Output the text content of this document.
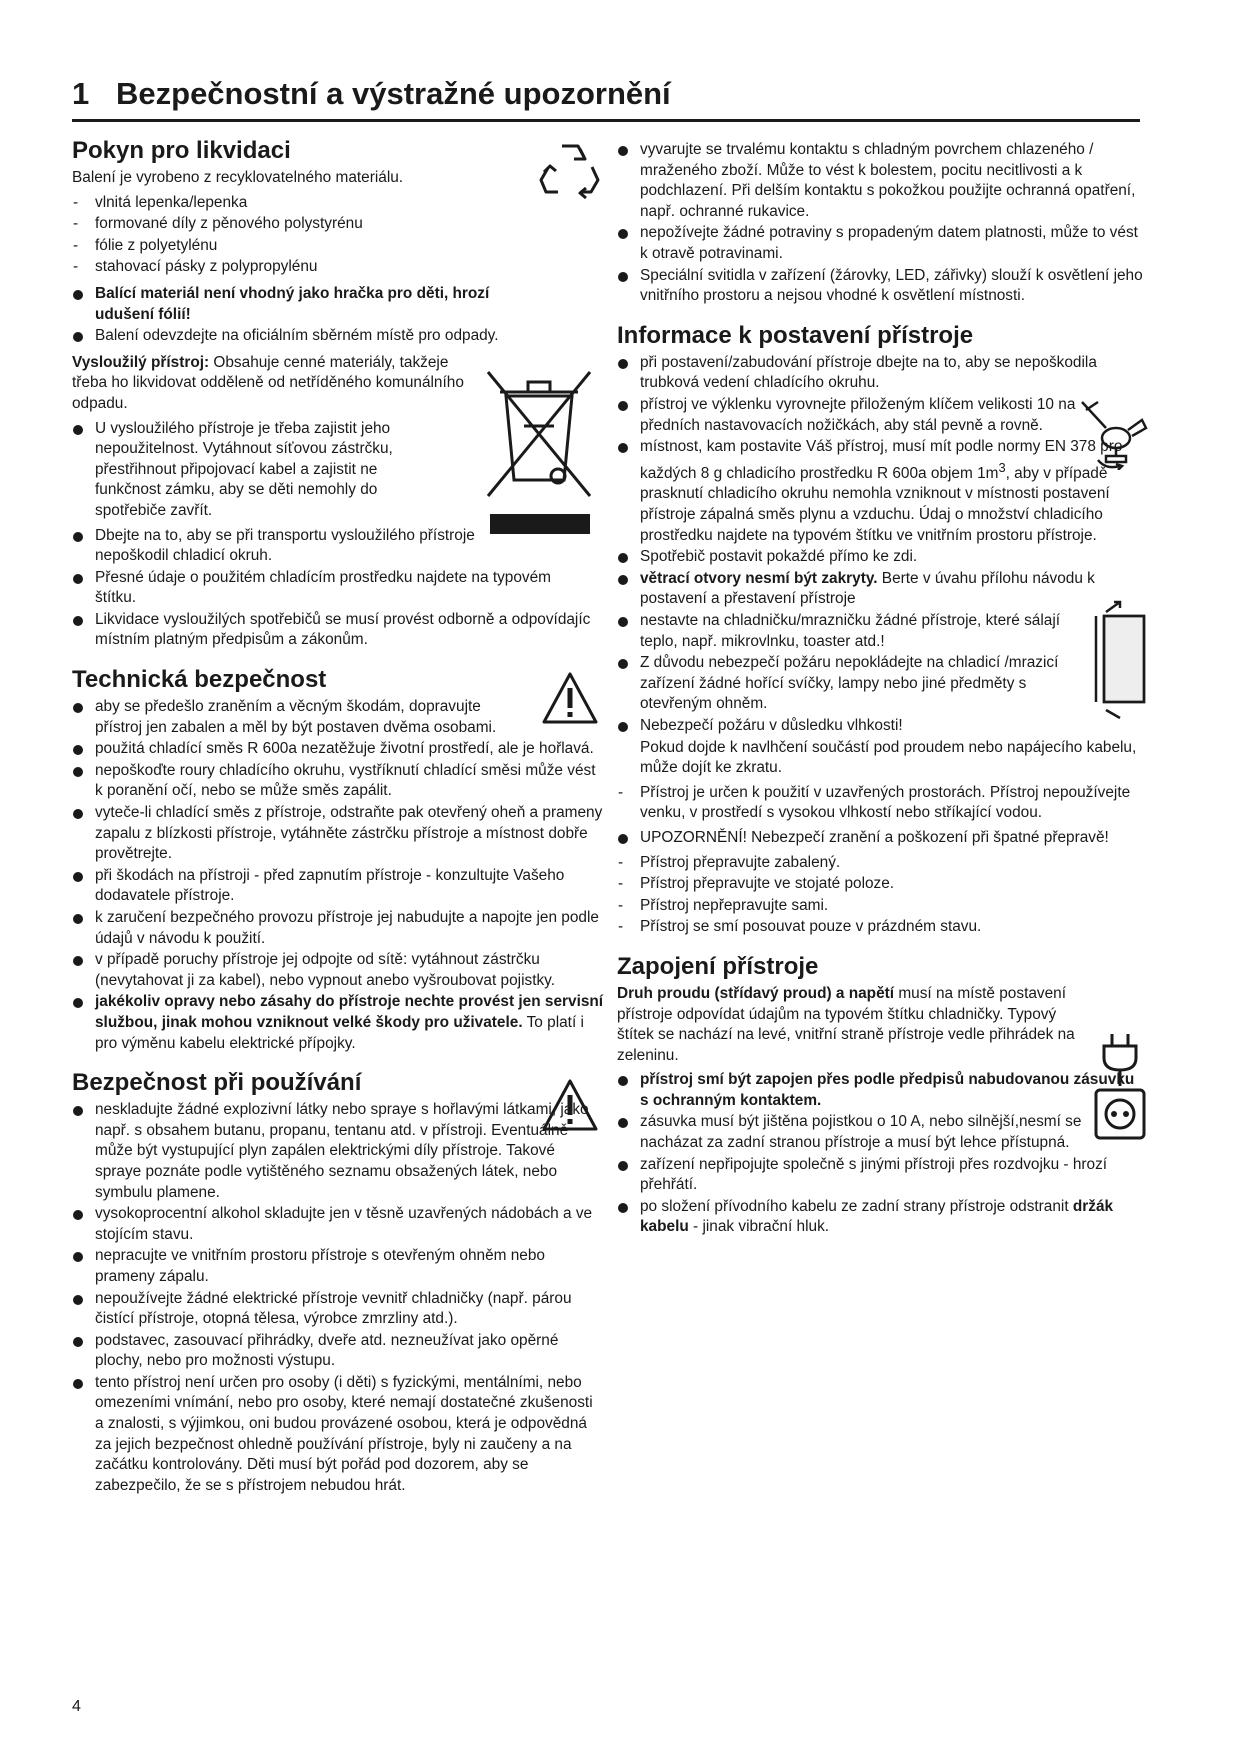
1 Bezpečnostní a výstražné upozornění
Pokyn pro likvidaci

Balení je vyrobeno z recyklovatelného materiálu.

- vlnitá lepenka/lepenka
- formované díly z pěnového polystyrénu
- fólie z polyetylénu
- stahovací pásky z polypropylénu
Balící materiál není vhodný jako hračka pro děti, hrozí udušení fólií!
Balení odevzdejte na oficiálním sběrném místě pro odpady.

Vysloužilý přístroj: Obsahuje cenné materiály, takžeje třeba ho likvidovat odděleně od netříděného komunálního odpadu.

U vysloužilého přístroje je třeba zajistit jeho nepoužitelnost. Vytáhnout síťovou zástrčku, přestřihnout připojovací kabel a zajistit ne funkčnost zámku, aby se děti nemohly do spotřebiče zavřít.
Dbejte na to, aby se při transportu vysloužilého přístroje nepoškodil chladicí okruh.
Přesné údaje o použitém chladícím prostředku najdete na typovém štítku.
Likvidace vysloužilých spotřebičů se musí provést odborně a odpovídajíc místním platným předpisům a zákonům.
Technická bezpečnost
aby se předešlo zraněním a věcným škodám, dopravujte přístroj jen zabalen a měl by být postaven dvěma osobami.
použitá chladící směs R 600a nezatěžuje životní prostředí, ale je hořlavá.
nepoškoďte roury chladícího okruhu, vystříknutí chladící směsi může vést k poranění očí, nebo se může směs zapálit.
vyteče-li chladící směs z přístroje, odstraňte pak otevřený oheň a prameny zapalu z blízkosti přístroje, vytáhněte zástrčku přístroje a místnost dobře provětrejte.
při škodách na přístroji - před zapnutím přístroje - konzultujte Vašeho dodavatele přístroje.
k zaručení bezpečného provozu přístroje jej nabudujte a napojte jen podle údajů v návodu k použití.
v případě poruchy přístroje jej odpojte od sítě: vytáhnout zástrčku (nevytahovat ji za kabel), nebo vypnout anebo vyšroubovat pojistky.
jakékoliv opravy nebo zásahy do přístroje nechte provést jen servisní službou, jinak mohou vzniknout velké škody pro uživatele. To platí i pro výměnu kabelu elektrické přípojky.
Bezpečnost při používání
neskladujte žádné explozivní látky nebo spraye s hořlavými látkami, jako např. s obsahem butanu, propanu, tentanu atd. v přístroji. Eventuálně může být vystupující plyn zapálen elektrickými díly přístroje. Takové spraye poznáte podle vytištěného seznamu obsažených látek, nebo symbulu plamene.
vysokoprocentní alkohol skladujte jen v těsně uzavřených nádobách a ve stojícím stavu.
nepracujte ve vnitřním prostoru přístroje s otevřeným ohněm nebo prameny zápalu.
nepoužívejte žádné elektrické přístroje vevnitř chladničky (např. párou čistící přístroje, otopná tělesa, výrobce zmrzliny atd.).
podstavec, zasouvací přihrádky, dveře atd. nezneužívat jako opěrné plochy, nebo pro možnosti výstupu.
tento přístroj není určen pro osoby (i děti) s fyzickými, mentálními, nebo omezeními vnímání, nebo pro osoby, které nemají dostatečné zkušenosti a znalosti, s výjimkou, oni budou provázené osobou, která je odpovědná za jejich bezpečnost ohledně používání přístroje, byly ni zaučeny a na začátku kontrolovány. Děti musí být pořád pod dozorem, aby se zabezpečilo, že se s přístrojem nebudou hrát.
vyvarujte se trvalému kontaktu s chladným povrchem chlazeného / mraženého zboží. Může to vést k bolestem, pocitu necitlivosti a k podchlazení. Při delším kontaktu s pokožkou použijte ochranná opatření, např. ochranné rukavice.
nepožívejte žádné potraviny s propadeným datem platnosti, může to vést k otravě potravinami.
Speciální svitidla v zařízení (žárovky, LED, zářivky) slouží k osvětlení jeho vnitřního prostoru a nejsou vhodné k osvětlení místnosti.
Informace k postavení přístroje
při postavení/zabudování přístroje dbejte na to, aby se nepoškodila trubková vedení chladícího okruhu.
přístroj ve výklenku vyrovnejte přiloženým klíčem velikosti 10 na předních nastavovacích nožičkách, aby stál pevně a rovně.
místnost, kam postavite Váš přístroj, musí mít podle normy EN 378 pro každých 8 g chladicího prostředku R 600a objem $1m^3$, aby v případě prasknutí chladicího okruhu nemohla vzniknout v místnosti postavení přístroje zápalná směs plynu a vzduchu. Údaj o množství chladicího prostředku najdete na typovém štítku ve vnitřním prostoru přístroje.
Spotřebič postavit pokaždé přímo ke zdi.
větrací otvory nesmí být zakryty. Berte v úvahu přílohu návodu k postavení a přestavení přístroje
nestavte na chladničku/mrazničku žádné přístroje, které sálají teplo, např. mikrovlnku, toaster atd.!
Z důvodu nebezpečí požáru nepokládejte na chladicí /mrazicí zařízení žádné hořící svíčky, lampy nebo jiné předměty s otevřeným ohněm.
Nebezpečí požáru v důsledku vlhkosti!

Pokud dojde k navlhčení součástí pod proudem nebo napájecího kabelu, může dojít ke zkratu.

- Přístroj je určen k použití v uzavřených prostorách. Přístroj nepoužívejte venku, v prostředí s vysokou vlhkostí nebo stříkající vodou.
UPOZORNĚNÍ! Nebezpečí zranění a poškození při špatné přepravě!
- Přístroj přepravujte zabalený.
- Přístroj přepravujte ve stojaté poloze.
- Přístroj nepřepravujte sami.
- Přístroj se smí posouvat pouze v prázdném stavu.
Zapojení přístroje

Druh proudu (střídavý proud) a napětí musí na místě postavení přístroje odpovídat údajům na typovém štítku chladničky. Typový štítek se nachází na levé, vnitřní straně přístroje vedle přihrádek na zeleninu.

přístroj smí být zapojen přes podle předpisů nabudovanou zásuvku s ochranným kontaktem.
zásuvka musí být jištěna pojistkou o 10 A, nebo silnější,nesmí se nacházat za zadní stranou přístroje a musí být lehce přístupná.
zařízení nepřipojujte společně s jinými přístroji přes rozdvojku - hrozí přehřátí.
po složení přívodního kabelu ze zadní strany přístroje odstranit držák kabelu - jinak vibrační hluk.

4
